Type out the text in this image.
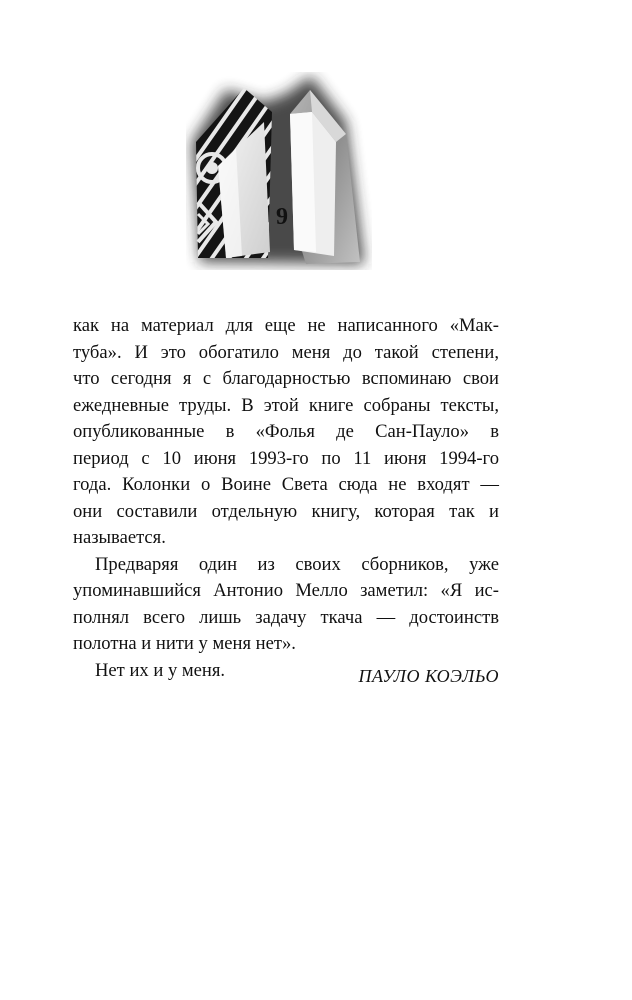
9

как на материал для еще не написанного «Мак-
туба». И это обогатило меня до такой степени,
что сегодня я с благодарностью вспоминаю свои
ежедневные труды. В этой книге собраны тексты,
опубликованные в «Фолья де Сан-Пауло» в
период с 10 июня 1993-го по 11 июня 1994-го
года. Колонки о Воине Света сюда не входят —
они составили отдельную книгу, которая так и
называется.

Предваряя один из своих сборников, уже
упоминавшийся Антонио Мелло заметил: «Я ис-
полнял всего лишь задачу ткача — достоинств
полотна и нити у меня нет».

Нет их и у меня.	ПАУЛО КОЭЛЬО
